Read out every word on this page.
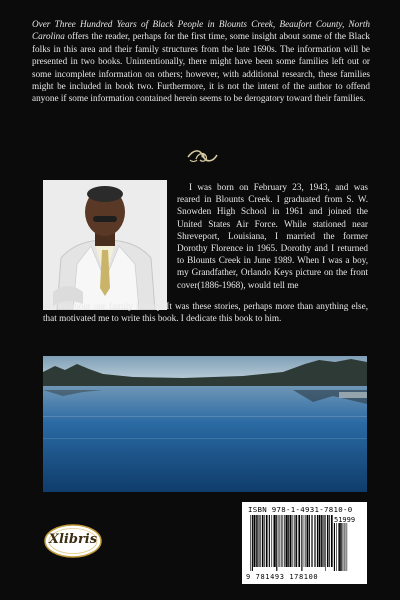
Over Three Hundred Years of Black People in Blounts Creek, Beaufort County, North Carolina offers the reader, perhaps for the first time, some insight about some of the Black folks in this area and their family structures from the late 1690s. The information will be presented in two books. Unintentionally, there might have been some families left out or some incomplete information on others; however, with additional research, these families might be included in book two. Furthermore, it is not the intent of the author to offend anyone if some information contained herein seems to be derogatory toward their families.
I was born on February 23, 1943, and was reared in Blounts Creek. I graduated from S. W. Snowden High School in 1961 and joined the United States Air Force. While stationed near Shreveport, Louisiana, I married the former Dorothy Florence in 1965. Dorothy and I returned to Blounts Creek in June 1989. When I was a boy, my Grandfather, Orlando Keys picture on the front cover(1886-1968), would tell me
stories about our family history. It was these stories, perhaps more than anything else, that motivated me to write this book. I dedicate this book to him.
Xlibris
ISBN 978-1-4931-7810-0
51999
9 781493 178100
